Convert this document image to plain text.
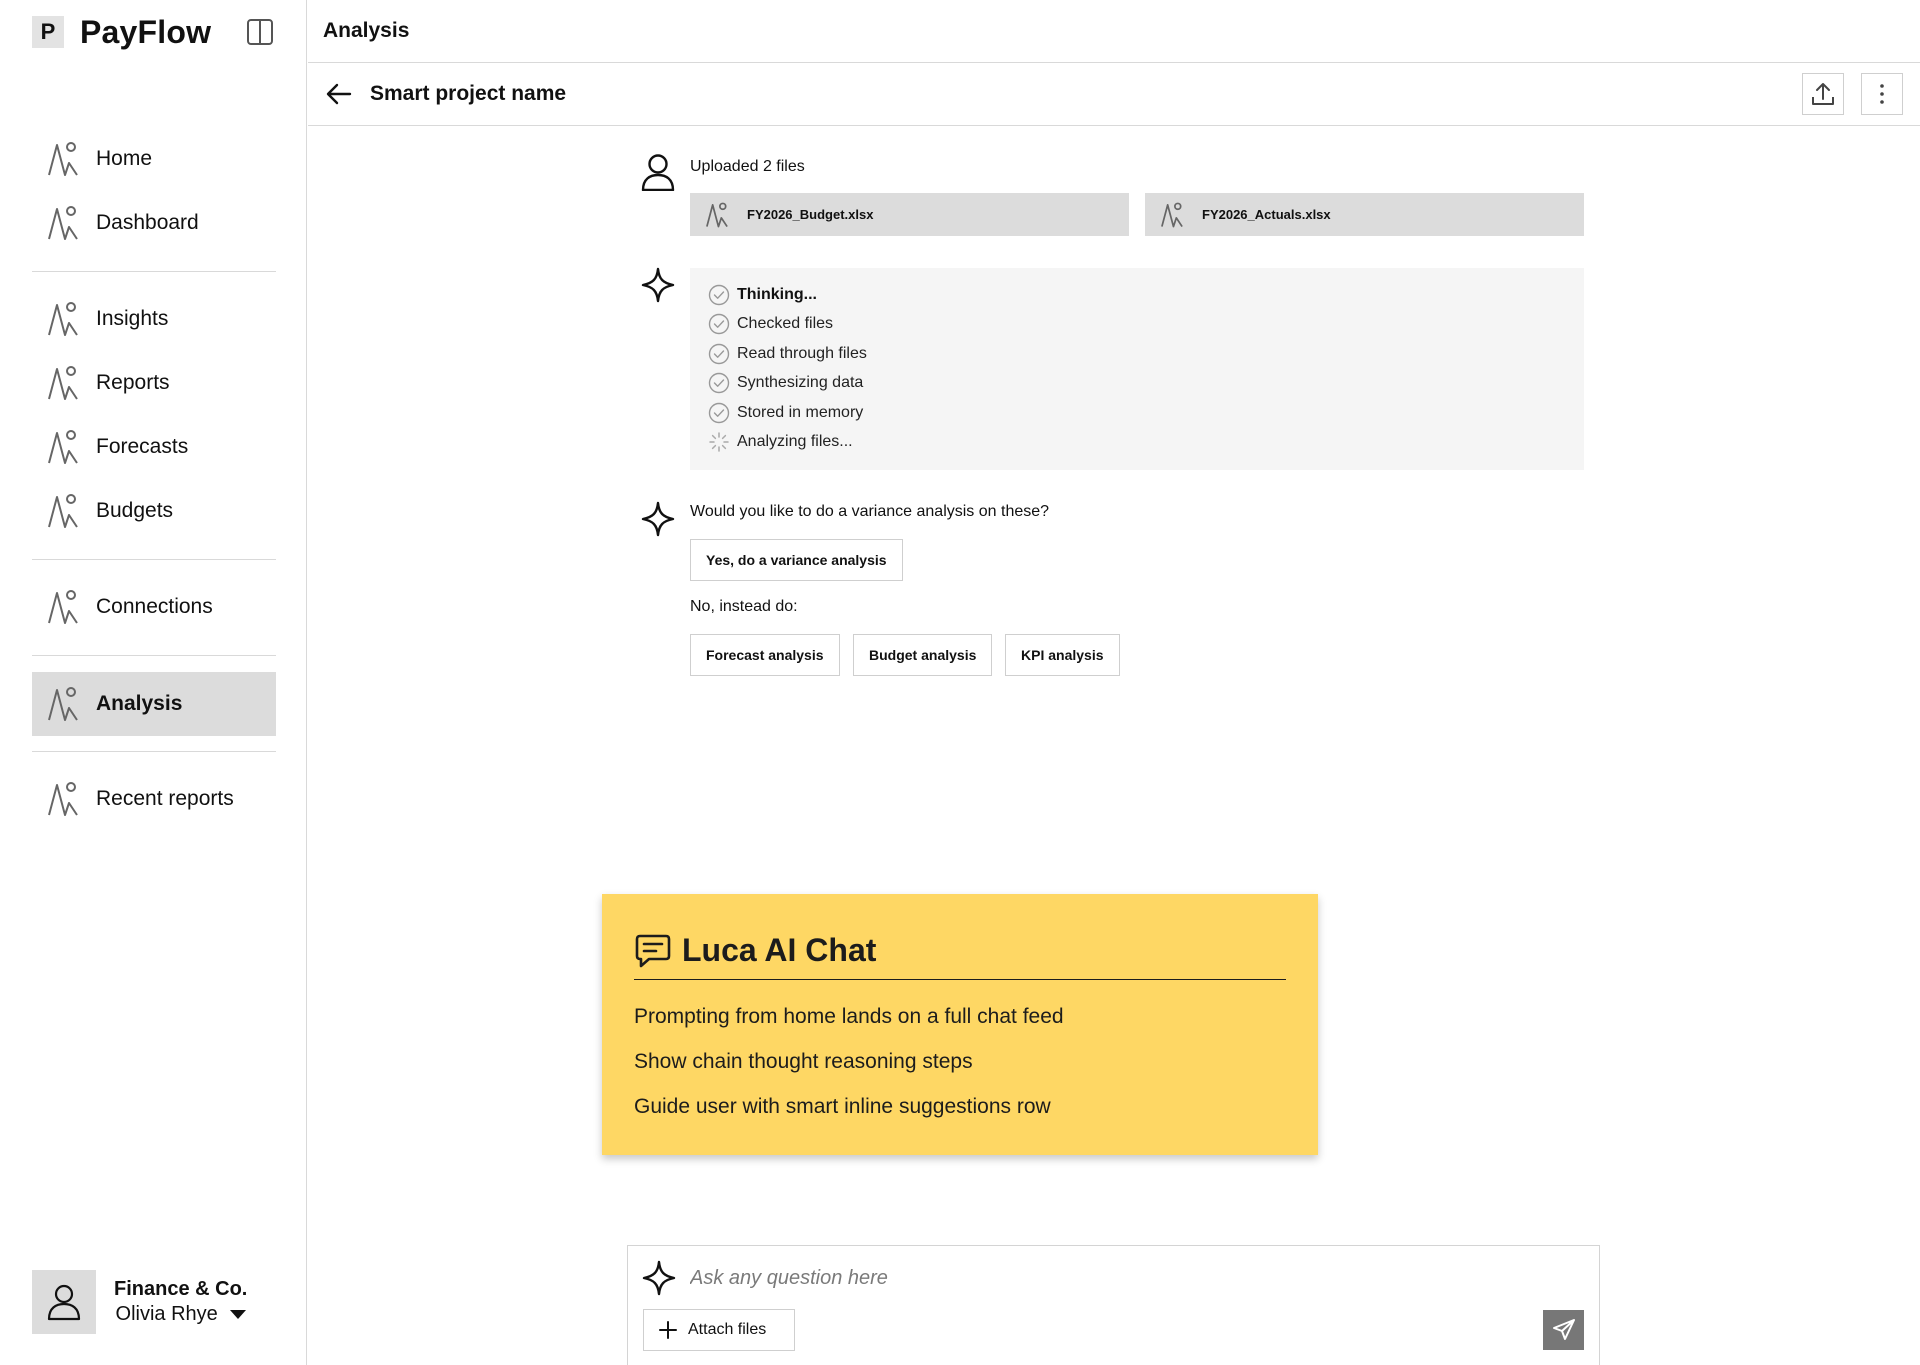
P PayFlow
Home
Dashboard
Insights
Reports
Forecasts
Budgets
Connections
Analysis
Recent reports
Finance & Co.
Olivia Rhye
Analysis
Smart project name
Uploaded 2 files
FY2026_Budget.xlsx	FY2026_Actuals.xlsx
Thinking...
Checked files
Read through files
Synthesizing data
Stored in memory
Analyzing files...
Would you like to do a variance analysis on these?
Yes, do a variance analysis
No, instead do:
Forecast analysis	Budget analysis	KPI analysis
Luca AI Chat
Prompting from home lands on a full chat feed
Show chain thought reasoning steps
Guide user with smart inline suggestions row
Ask any question here
Attach files
